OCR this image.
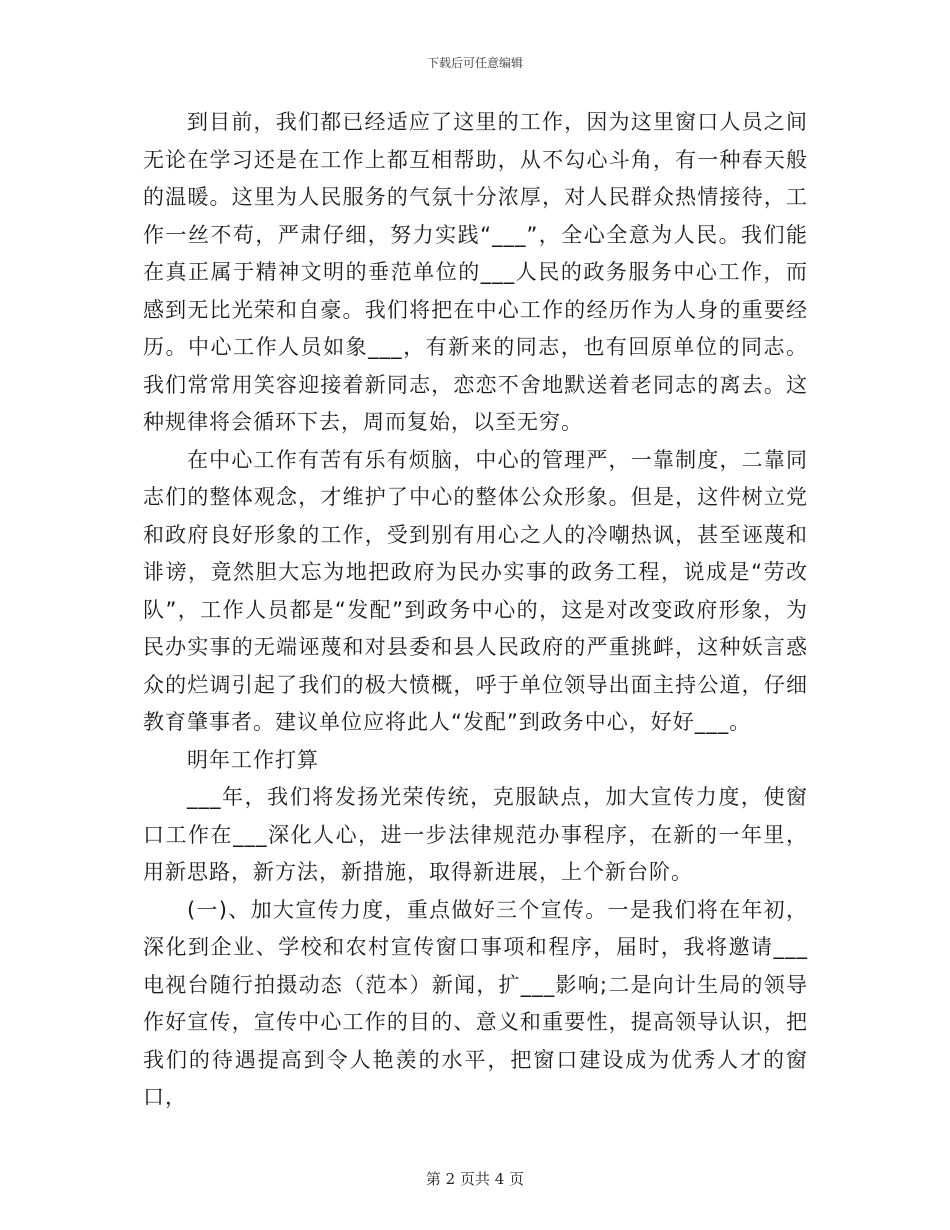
下载后可任意编辑

到目前，我们都已经适应了这里的工作，因为这里窗口人员之间无论在学习还是在工作上都互相帮助，从不勾心斗角，有一种春天般的温暖。这里为人民服务的气氛十分浓厚，对人民群众热情接待，工作一丝不苟，严肃仔细，努力实践“___”，全心全意为人民。我们能在真正属于精神文明的垂范单位的___人民的政务服务中心工作，而感到无比光荣和自豪。我们将把在中心工作的经历作为人身的重要经历。中心工作人员如象___，有新来的同志，也有回原单位的同志。我们常常用笑容迎接着新同志，恋恋不舍地默送着老同志的离去。这种规律将会循环下去，周而复始，以至无穷。

在中心工作有苦有乐有烦脑，中心的管理严，一靠制度，二靠同志们的整体观念，才维护了中心的整体公众形象。但是，这件树立党和政府良好形象的工作，受到别有用心之人的冷嘲热讽，甚至诬蔑和诽谤，竟然胆大忘为地把政府为民办实事的政务工程，说成是“劳改队”，工作人员都是“发配”到政务中心的，这是对改变政府形象，为民办实事的无端诬蔑和对县委和县人民政府的严重挑衅，这种妖言惑众的烂调引起了我们的极大愤概，呼于单位领导出面主持公道，仔细教育肇事者。建议单位应将此人“发配”到政务中心，好好___。

明年工作打算

___年，我们将发扬光荣传统，克服缺点，加大宣传力度，使窗口工作在___深化人心，进一步法律规范办事程序，在新的一年里，用新思路，新方法，新措施，取得新进展，上个新台阶。

(一)、加大宣传力度，重点做好三个宣传。一是我们将在年初，深化到企业、学校和农村宣传窗口事项和程序，届时，我将邀请___电视台随行拍摄动态（范本）新闻，扩___影响;二是向计生局的领导作好宣传，宣传中心工作的目的、意义和重要性，提高领导认识，把我们的待遇提高到令人艳羡的水平，把窗口建设成为优秀人才的窗口，

第 2 页共 4 页
